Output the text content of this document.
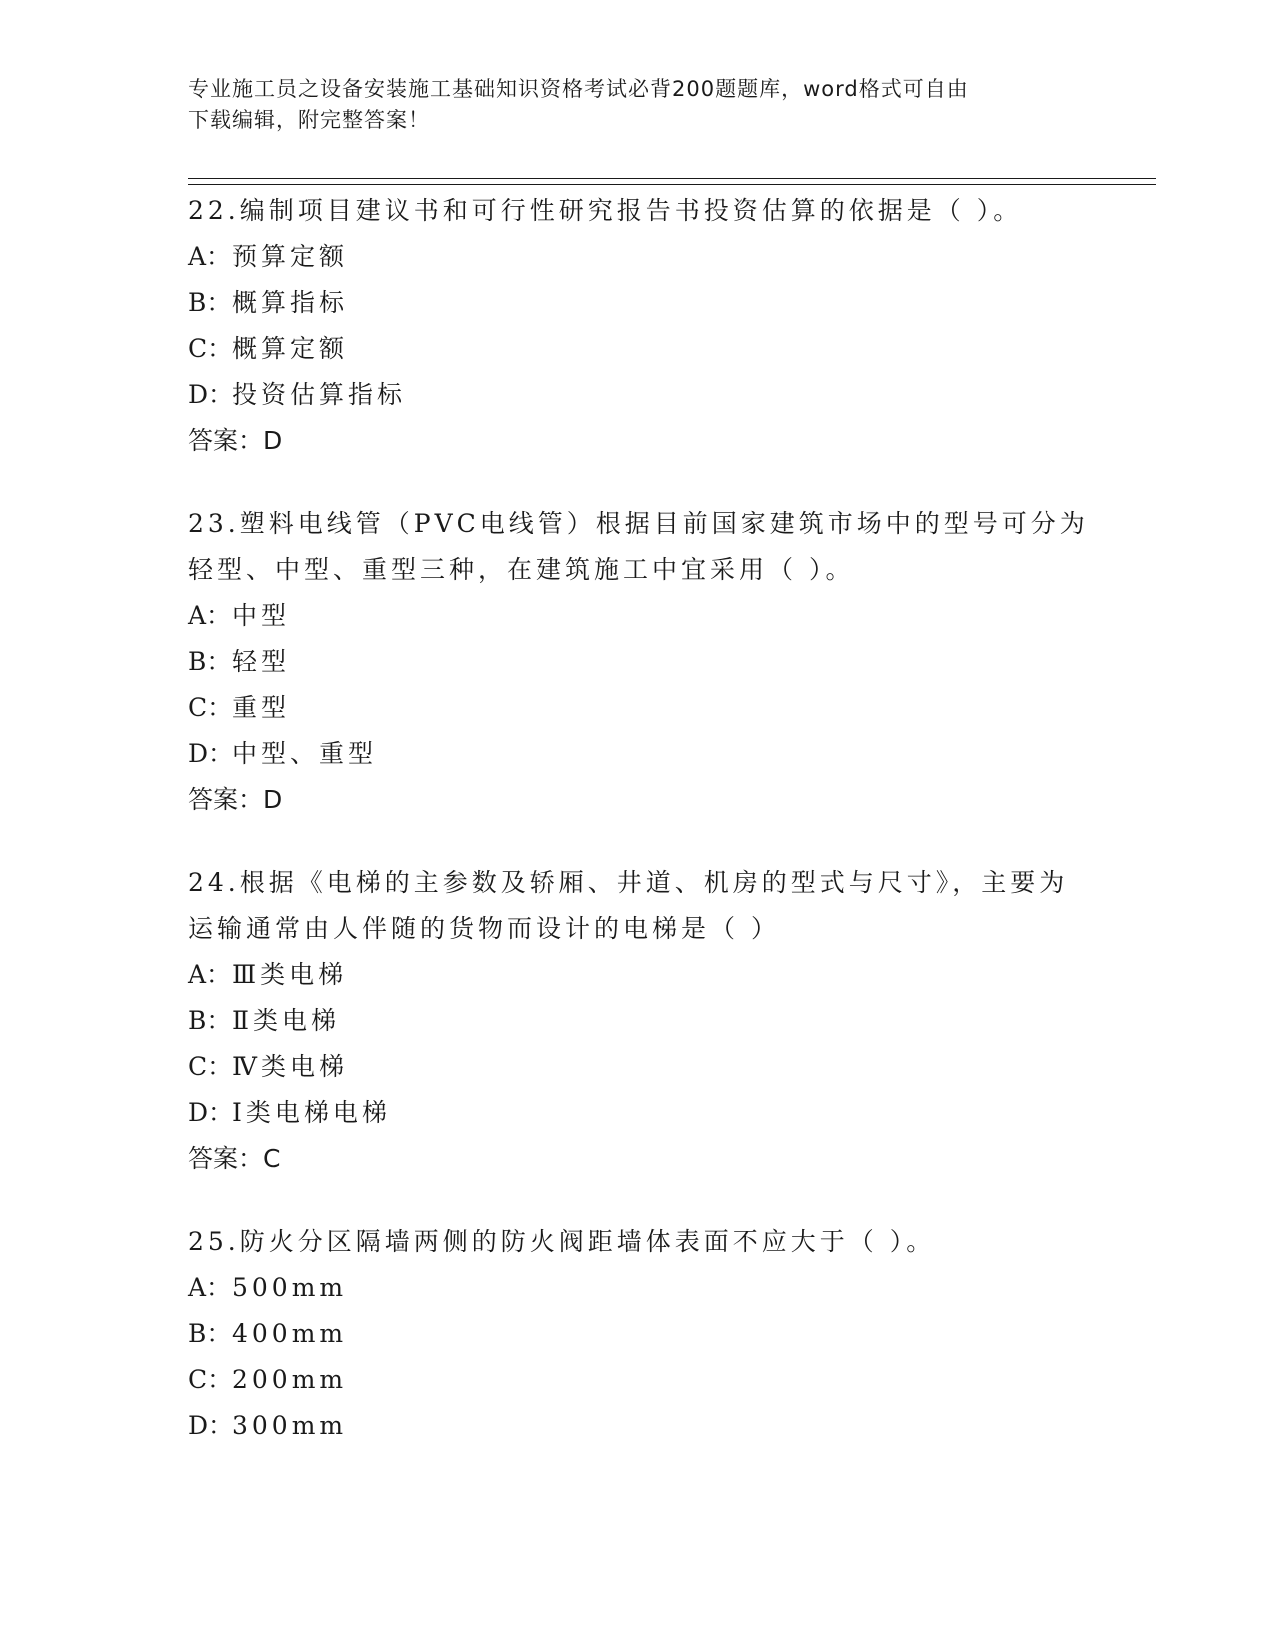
专业施工员之设备安装施工基础知识资格考试必背200题题库，word格式可自由
下载编辑，附完整答案！

22.编制项目建议书和可行性研究报告书投资估算的依据是（ ）。

A：预算定额

B：概算指标

C：概算定额

D：投资估算指标

答案：D

23.塑料电线管（PVC电线管）根据目前国家建筑市场中的型号可分为

轻型、中型、重型三种，在建筑施工中宜采用（ ）。

A：中型

B：轻型

C：重型

D：中型、重型

答案：D

24.根据《电梯的主参数及轿厢、井道、机房的型式与尺寸》，主要为

运输通常由人伴随的货物而设计的电梯是（ ）

A：Ⅲ类电梯

B：Ⅱ类电梯

C：Ⅳ类电梯

D：Ⅰ类电梯电梯

答案：C

25.防火分区隔墙两侧的防火阀距墙体表面不应大于（ ）。

A：500mm

B：400mm

C：200mm

D：300mm
